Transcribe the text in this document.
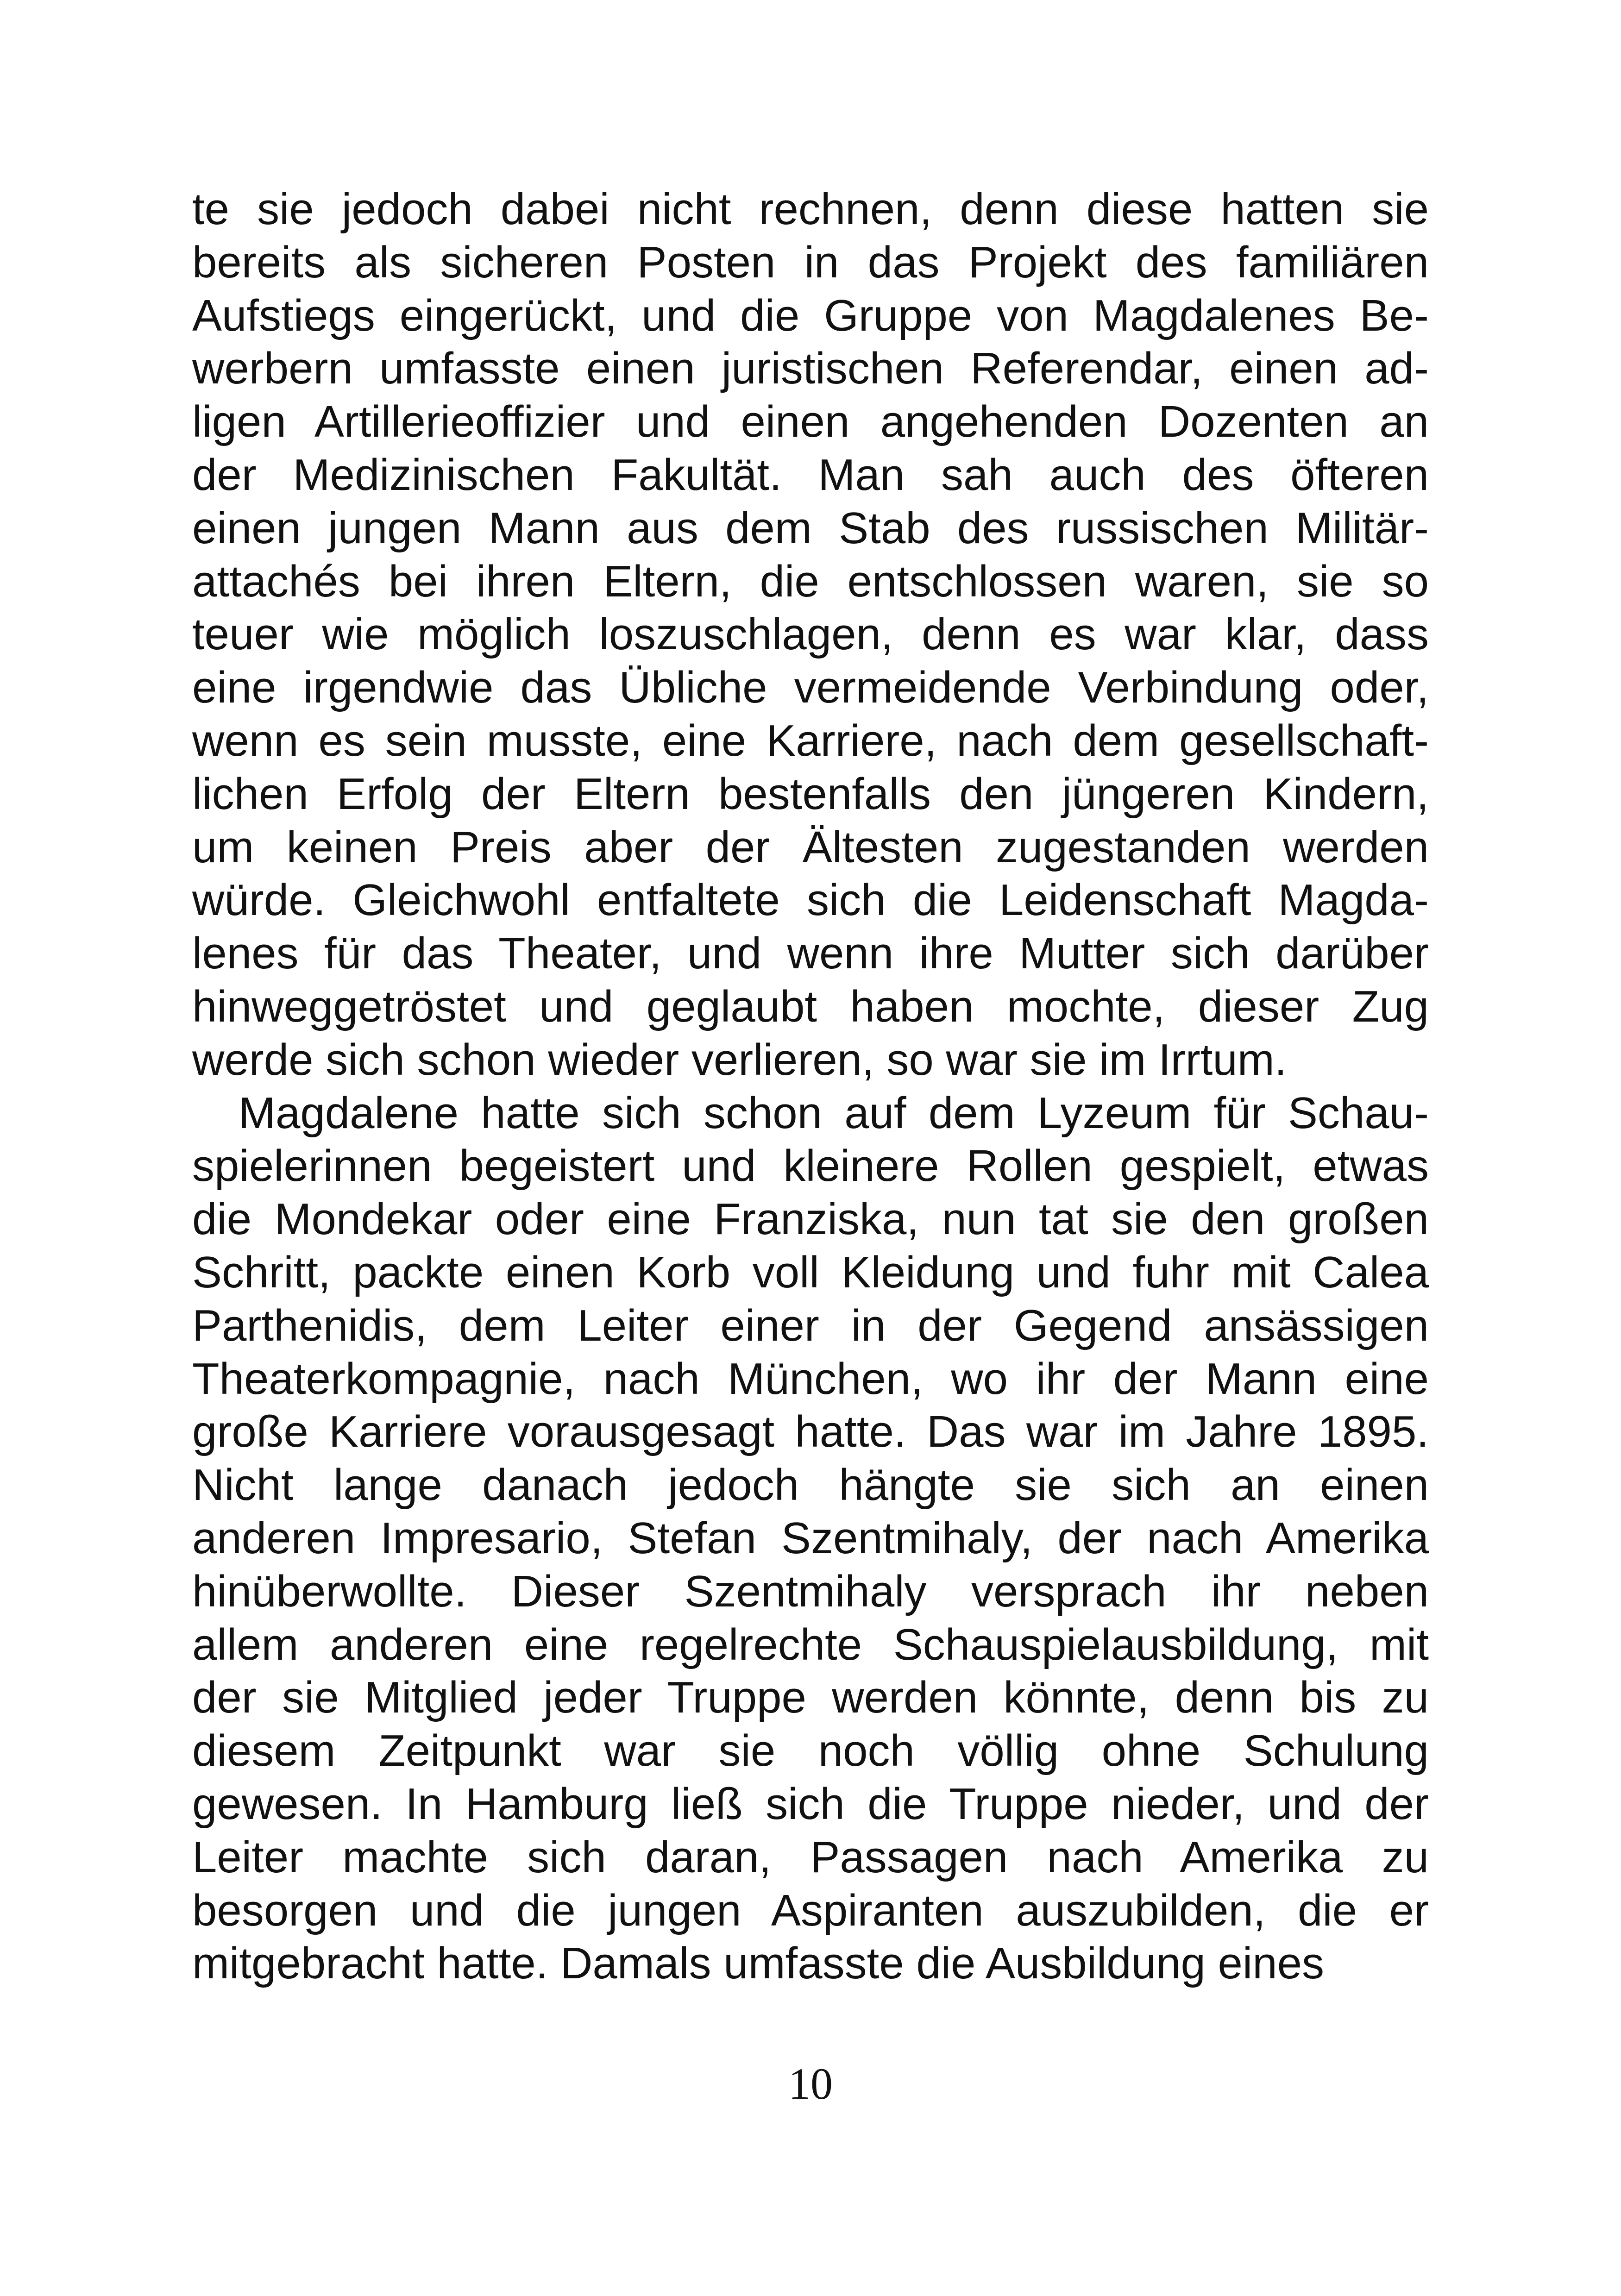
te sie jedoch dabei nicht rechnen, denn diese hatten sie
bereits als sicheren Posten in das Projekt des familiären
Aufstiegs eingerückt, und die Gruppe von Magdalenes Be-
werbern umfasste einen juristischen Referendar, einen ad-
ligen Artillerieoffizier und einen angehenden Dozenten an
der Medizinischen Fakultät. Man sah auch des öfteren
einen jungen Mann aus dem Stab des russischen Militär-
attachés bei ihren Eltern, die entschlossen waren, sie so
teuer wie möglich loszuschlagen, denn es war klar, dass
eine irgendwie das Übliche vermeidende Verbindung oder,
wenn es sein musste, eine Karriere, nach dem gesellschaft-
lichen Erfolg der Eltern bestenfalls den jüngeren Kindern,
um keinen Preis aber der Ältesten zugestanden werden
würde. Gleichwohl entfaltete sich die Leidenschaft Magda-
lenes für das Theater, und wenn ihre Mutter sich darüber
hinweggetröstet und geglaubt haben mochte, dieser Zug
werde sich schon wieder verlieren, so war sie im Irrtum.
Magdalene hatte sich schon auf dem Lyzeum für Schau-
spielerinnen begeistert und kleinere Rollen gespielt, etwas
die Mondekar oder eine Franziska, nun tat sie den großen
Schritt, packte einen Korb voll Kleidung und fuhr mit Calea
Parthenidis, dem Leiter einer in der Gegend ansässigen
Theaterkompagnie, nach München, wo ihr der Mann eine
große Karriere vorausgesagt hatte. Das war im Jahre 1895.
Nicht lange danach jedoch hängte sie sich an einen
anderen Impresario, Stefan Szentmihaly, der nach Amerika
hinüberwollte. Dieser Szentmihaly versprach ihr neben
allem anderen eine regelrechte Schauspielausbildung, mit
der sie Mitglied jeder Truppe werden könnte, denn bis zu
diesem Zeitpunkt war sie noch völlig ohne Schulung
gewesen. In Hamburg ließ sich die Truppe nieder, und der
Leiter machte sich daran, Passagen nach Amerika zu
besorgen und die jungen Aspiranten auszubilden, die er
mitgebracht hatte. Damals umfasste die Ausbildung eines
10
